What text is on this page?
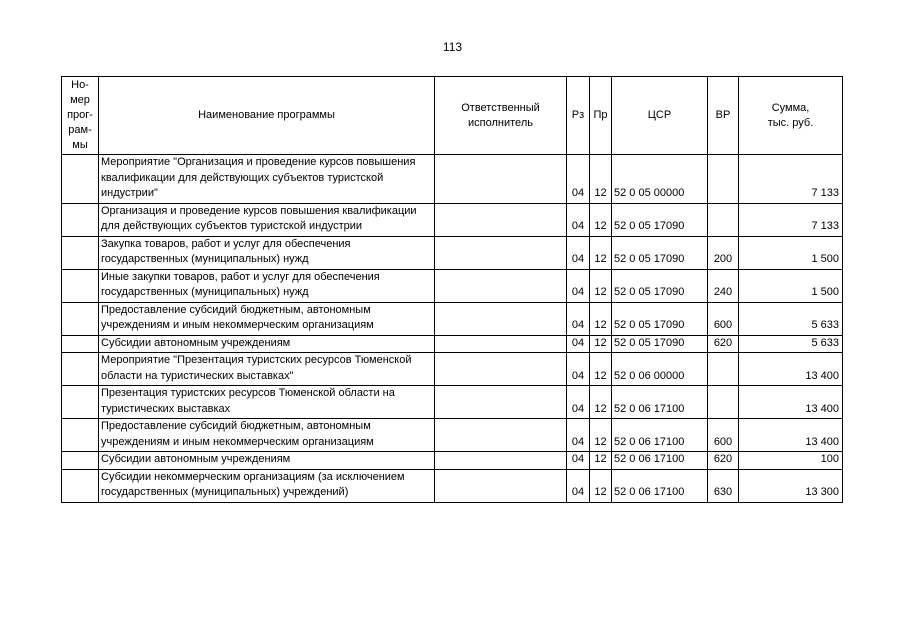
113
Но-
мер
прог-
рам-
мы	Наименование программы	Ответственный
исполнитель	Рз	Пр	ЦСР	ВР	Сумма,
тыс. руб.
	Мероприятие "Организация и проведение курсов повышения квалификации для действующих субъектов туристской индустрии"		04	12	52 0 05 00000		7 133
	Организация и проведение курсов повышения квалификации для действующих субъектов туристской индустрии		04	12	52 0 05 17090		7 133
	Закупка товаров, работ и услуг для обеспечения государственных (муниципальных) нужд		04	12	52 0 05 17090	200	1 500
	Иные закупки товаров, работ и услуг для обеспечения государственных (муниципальных) нужд		04	12	52 0 05 17090	240	1 500
	Предоставление субсидий бюджетным, автономным учреждениям и иным некоммерческим организациям		04	12	52 0 05 17090	600	5 633
	Субсидии автономным учреждениям		04	12	52 0 05 17090	620	5 633
	Мероприятие "Презентация туристских ресурсов Тюменской области на туристических выставках"		04	12	52 0 06 00000		13 400
	Презентация туристских ресурсов Тюменской области на туристических выставках		04	12	52 0 06 17100		13 400
	Предоставление субсидий бюджетным, автономным учреждениям и иным некоммерческим организациям		04	12	52 0 06 17100	600	13 400
	Субсидии автономным учреждениям		04	12	52 0 06 17100	620	100
	Субсидии некоммерческим организациям (за исключением государственных (муниципальных) учреждений)		04	12	52 0 06 17100	630	13 300
